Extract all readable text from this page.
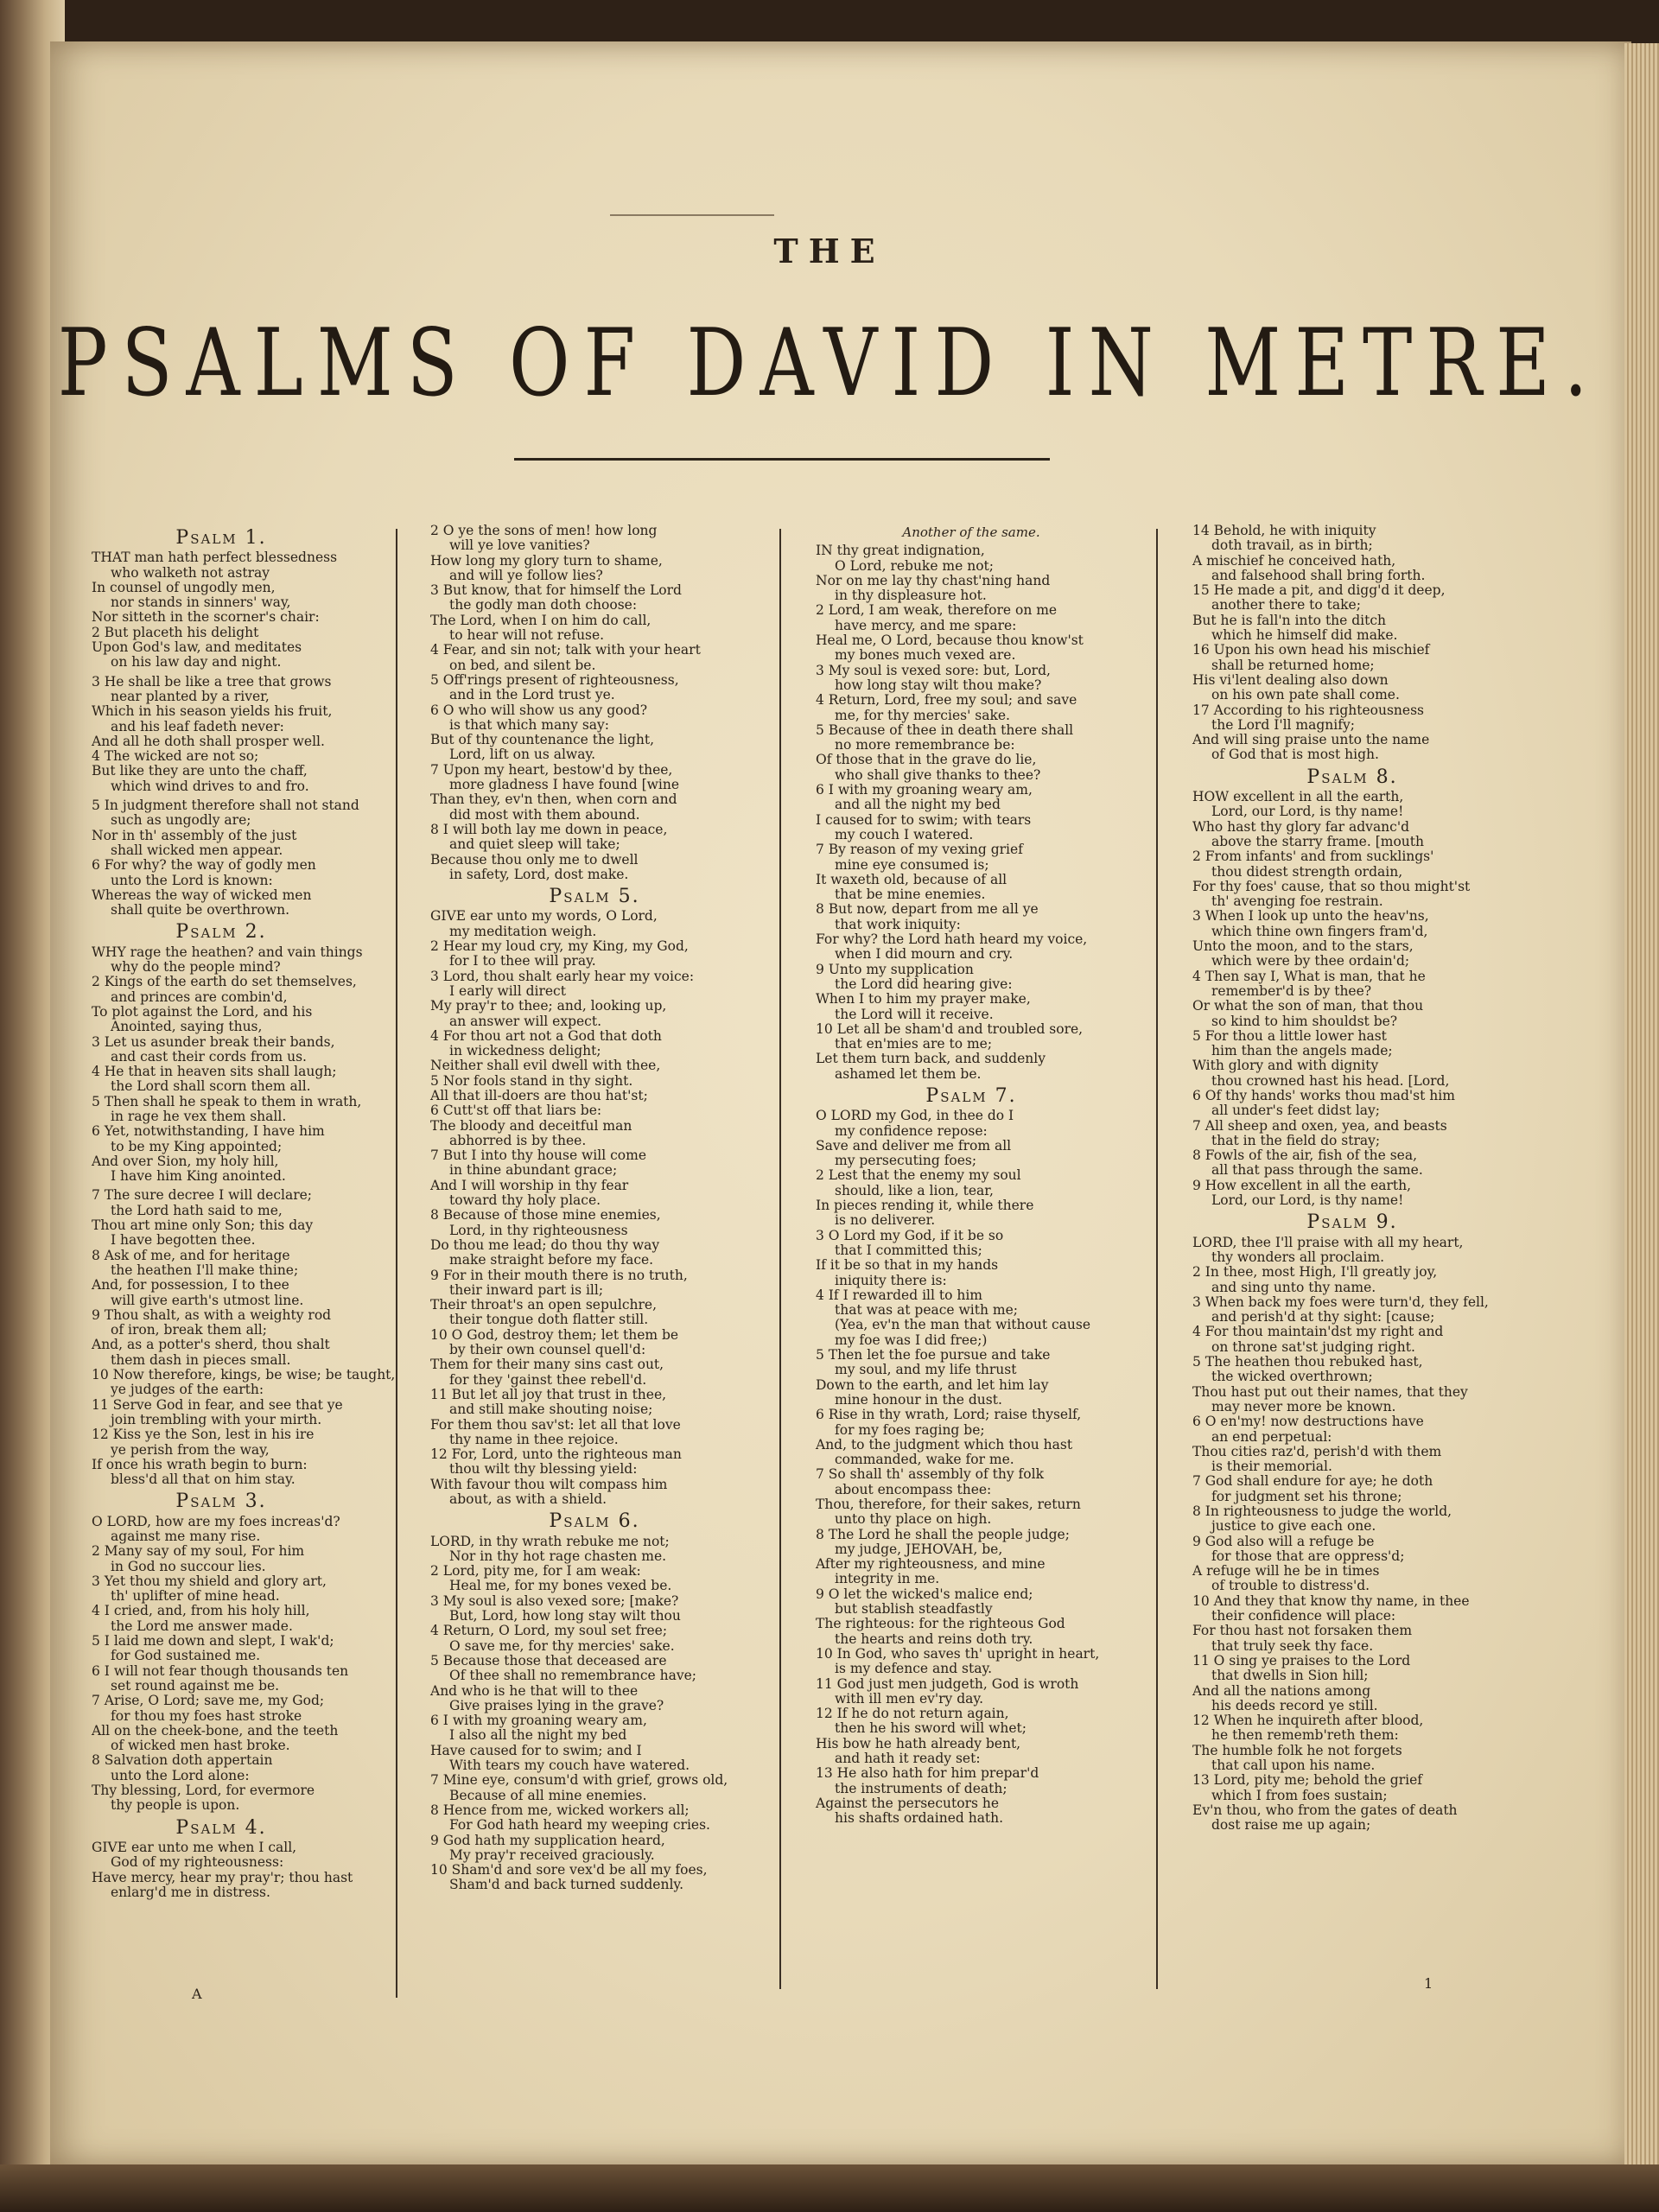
THE
PSALMS OF DAVID IN METRE.
Psalm 1.
THAT man hath perfect blessedness
who walketh not astray
In counsel of ungodly men,
nor stands in sinners' way,
Nor sitteth in the scorner's chair:
2 But placeth his delight
Upon God's law, and meditates
on his law day and night.
3 He shall be like a tree that grows
near planted by a river,
Which in his season yields his fruit,
and his leaf fadeth never:
And all he doth shall prosper well.
4 The wicked are not so;
But like they are unto the chaff,
which wind drives to and fro.
5 In judgment therefore shall not stand
such as ungodly are;
Nor in th' assembly of the just
shall wicked men appear.
6 For why? the way of godly men
unto the Lord is known:
Whereas the way of wicked men
shall quite be overthrown.
Psalm 2.
WHY rage the heathen? and vain things
why do the people mind?
2 Kings of the earth do set themselves,
and princes are combin'd,
To plot against the Lord, and his
Anointed, saying thus,
3 Let us asunder break their bands,
and cast their cords from us.
4 He that in heaven sits shall laugh;
the Lord shall scorn them all.
5 Then shall he speak to them in wrath,
in rage he vex them shall.
6 Yet, notwithstanding, I have him
to be my King appointed;
And over Sion, my holy hill,
I have him King anointed.
7 The sure decree I will declare;
the Lord hath said to me,
Thou art mine only Son; this day
I have begotten thee.
8 Ask of me, and for heritage
the heathen I'll make thine;
And, for possession, I to thee
will give earth's utmost line.
9 Thou shalt, as with a weighty rod
of iron, break them all;
And, as a potter's sherd, thou shalt
them dash in pieces small.
10 Now therefore, kings, be wise; be taught,
ye judges of the earth:
11 Serve God in fear, and see that ye
join trembling with your mirth.
12 Kiss ye the Son, lest in his ire
ye perish from the way,
If once his wrath begin to burn:
bless'd all that on him stay.
Psalm 3.
O LORD, how are my foes increas'd?
against me many rise.
2 Many say of my soul, For him
in God no succour lies.
3 Yet thou my shield and glory art,
th' uplifter of mine head.
4 I cried, and, from his holy hill,
the Lord me answer made.
5 I laid me down and slept, I wak'd;
for God sustained me.
6 I will not fear though thousands ten
set round against me be.
7 Arise, O Lord; save me, my God;
for thou my foes hast stroke
All on the cheek-bone, and the teeth
of wicked men hast broke.
8 Salvation doth appertain
unto the Lord alone:
Thy blessing, Lord, for evermore
thy people is upon.
Psalm 4.
GIVE ear unto me when I call,
God of my righteousness:
Have mercy, hear my pray'r; thou hast
enlarg'd me in distress.
2 O ye the sons of men! how long
will ye love vanities?
How long my glory turn to shame,
and will ye follow lies?
3 But know, that for himself the Lord
the godly man doth choose:
The Lord, when I on him do call,
to hear will not refuse.
4 Fear, and sin not; talk with your heart
on bed, and silent be.
5 Off'rings present of righteousness,
and in the Lord trust ye.
6 O who will show us any good?
is that which many say:
But of thy countenance the light,
Lord, lift on us alway.
7 Upon my heart, bestow'd by thee,
more gladness I have found [wine
Than they, ev'n then, when corn and
did most with them abound.
8 I will both lay me down in peace,
and quiet sleep will take;
Because thou only me to dwell
in safety, Lord, dost make.
Psalm 5.
GIVE ear unto my words, O Lord,
my meditation weigh.
2 Hear my loud cry, my King, my God,
for I to thee will pray.
3 Lord, thou shalt early hear my voice:
I early will direct
My pray'r to thee; and, looking up,
an answer will expect.
4 For thou art not a God that doth
in wickedness delight;
Neither shall evil dwell with thee,
5 Nor fools stand in thy sight.
All that ill-doers are thou hat'st;
6 Cutt'st off that liars be:
The bloody and deceitful man
abhorred is by thee.
7 But I into thy house will come
in thine abundant grace;
And I will worship in thy fear
toward thy holy place.
8 Because of those mine enemies,
Lord, in thy righteousness
Do thou me lead; do thou thy way
make straight before my face.
9 For in their mouth there is no truth,
their inward part is ill;
Their throat's an open sepulchre,
their tongue doth flatter still.
10 O God, destroy them; let them be
by their own counsel quell'd:
Them for their many sins cast out,
for they 'gainst thee rebell'd.
11 But let all joy that trust in thee,
and still make shouting noise;
For them thou sav'st: let all that love
thy name in thee rejoice.
12 For, Lord, unto the righteous man
thou wilt thy blessing yield:
With favour thou wilt compass him
about, as with a shield.
Psalm 6.
LORD, in thy wrath rebuke me not;
Nor in thy hot rage chasten me.
2 Lord, pity me, for I am weak:
Heal me, for my bones vexed be.
3 My soul is also vexed sore; [make?
But, Lord, how long stay wilt thou
4 Return, O Lord, my soul set free;
O save me, for thy mercies' sake.
5 Because those that deceased are
Of thee shall no remembrance have;
And who is he that will to thee
Give praises lying in the grave?
6 I with my groaning weary am,
I also all the night my bed
Have caused for to swim; and I
With tears my couch have watered.
7 Mine eye, consum'd with grief, grows old,
Because of all mine enemies.
8 Hence from me, wicked workers all;
For God hath heard my weeping cries.
9 God hath my supplication heard,
My pray'r received graciously.
10 Sham'd and sore vex'd be all my foes,
Sham'd and back turned suddenly.
Another of the same.
IN thy great indignation,
O Lord, rebuke me not;
Nor on me lay thy chast'ning hand
in thy displeasure hot.
2 Lord, I am weak, therefore on me
have mercy, and me spare:
Heal me, O Lord, because thou know'st
my bones much vexed are.
3 My soul is vexed sore: but, Lord,
how long stay wilt thou make?
4 Return, Lord, free my soul; and save
me, for thy mercies' sake.
5 Because of thee in death there shall
no more remembrance be:
Of those that in the grave do lie,
who shall give thanks to thee?
6 I with my groaning weary am,
and all the night my bed
I caused for to swim; with tears
my couch I watered.
7 By reason of my vexing grief
mine eye consumed is;
It waxeth old, because of all
that be mine enemies.
8 But now, depart from me all ye
that work iniquity:
For why? the Lord hath heard my voice,
when I did mourn and cry.
9 Unto my supplication
the Lord did hearing give:
When I to him my prayer make,
the Lord will it receive.
10 Let all be sham'd and troubled sore,
that en'mies are to me;
Let them turn back, and suddenly
ashamed let them be.
Psalm 7.
O LORD my God, in thee do I
my confidence repose:
Save and deliver me from all
my persecuting foes;
2 Lest that the enemy my soul
should, like a lion, tear,
In pieces rending it, while there
is no deliverer.
3 O Lord my God, if it be so
that I committed this;
If it be so that in my hands
iniquity there is:
4 If I rewarded ill to him
that was at peace with me;
(Yea, ev'n the man that without cause
my foe was I did free;)
5 Then let the foe pursue and take
my soul, and my life thrust
Down to the earth, and let him lay
mine honour in the dust.
6 Rise in thy wrath, Lord; raise thyself,
for my foes raging be;
And, to the judgment which thou hast
commanded, wake for me.
7 So shall th' assembly of thy folk
about encompass thee:
Thou, therefore, for their sakes, return
unto thy place on high.
8 The Lord he shall the people judge;
my judge, JEHOVAH, be,
After my righteousness, and mine
integrity in me.
9 O let the wicked's malice end;
but stablish steadfastly
The righteous: for the righteous God
the hearts and reins doth try.
10 In God, who saves th' upright in heart,
is my defence and stay.
11 God just men judgeth, God is wroth
with ill men ev'ry day.
12 If he do not return again,
then he his sword will whet;
His bow he hath already bent,
and hath it ready set:
13 He also hath for him prepar'd
the instruments of death;
Against the persecutors he
his shafts ordained hath.
14 Behold, he with iniquity
doth travail, as in birth;
A mischief he conceived hath,
and falsehood shall bring forth.
15 He made a pit, and digg'd it deep,
another there to take;
But he is fall'n into the ditch
which he himself did make.
16 Upon his own head his mischief
shall be returned home;
His vi'lent dealing also down
on his own pate shall come.
17 According to his righteousness
the Lord I'll magnify;
And will sing praise unto the name
of God that is most high.
Psalm 8.
HOW excellent in all the earth,
Lord, our Lord, is thy name!
Who hast thy glory far advanc'd
above the starry frame. [mouth
2 From infants' and from sucklings'
thou didest strength ordain,
For thy foes' cause, that so thou might'st
th' avenging foe restrain.
3 When I look up unto the heav'ns,
which thine own fingers fram'd,
Unto the moon, and to the stars,
which were by thee ordain'd;
4 Then say I, What is man, that he
remember'd is by thee?
Or what the son of man, that thou
so kind to him shouldst be?
5 For thou a little lower hast
him than the angels made;
With glory and with dignity
thou crowned hast his head. [Lord,
6 Of thy hands' works thou mad'st him
all under's feet didst lay;
7 All sheep and oxen, yea, and beasts
that in the field do stray;
8 Fowls of the air, fish of the sea,
all that pass through the same.
9 How excellent in all the earth,
Lord, our Lord, is thy name!
Psalm 9.
LORD, thee I'll praise with all my heart,
thy wonders all proclaim.
2 In thee, most High, I'll greatly joy,
and sing unto thy name.
3 When back my foes were turn'd, they fell,
and perish'd at thy sight: [cause;
4 For thou maintain'dst my right and
on throne sat'st judging right.
5 The heathen thou rebuked hast,
the wicked overthrown;
Thou hast put out their names, that they
may never more be known.
6 O en'my! now destructions have
an end perpetual:
Thou cities raz'd, perish'd with them
is their memorial.
7 God shall endure for aye; he doth
for judgment set his throne;
8 In righteousness to judge the world,
justice to give each one.
9 God also will a refuge be
for those that are oppress'd;
A refuge will he be in times
of trouble to distress'd.
10 And they that know thy name, in thee
their confidence will place:
For thou hast not forsaken them
that truly seek thy face.
11 O sing ye praises to the Lord
that dwells in Sion hill;
And all the nations among
his deeds record ye still.
12 When he inquireth after blood,
he then rememb'reth them:
The humble folk he not forgets
that call upon his name.
13 Lord, pity me; behold the grief
which I from foes sustain;
Ev'n thou, who from the gates of death
dost raise me up again;
A
1
